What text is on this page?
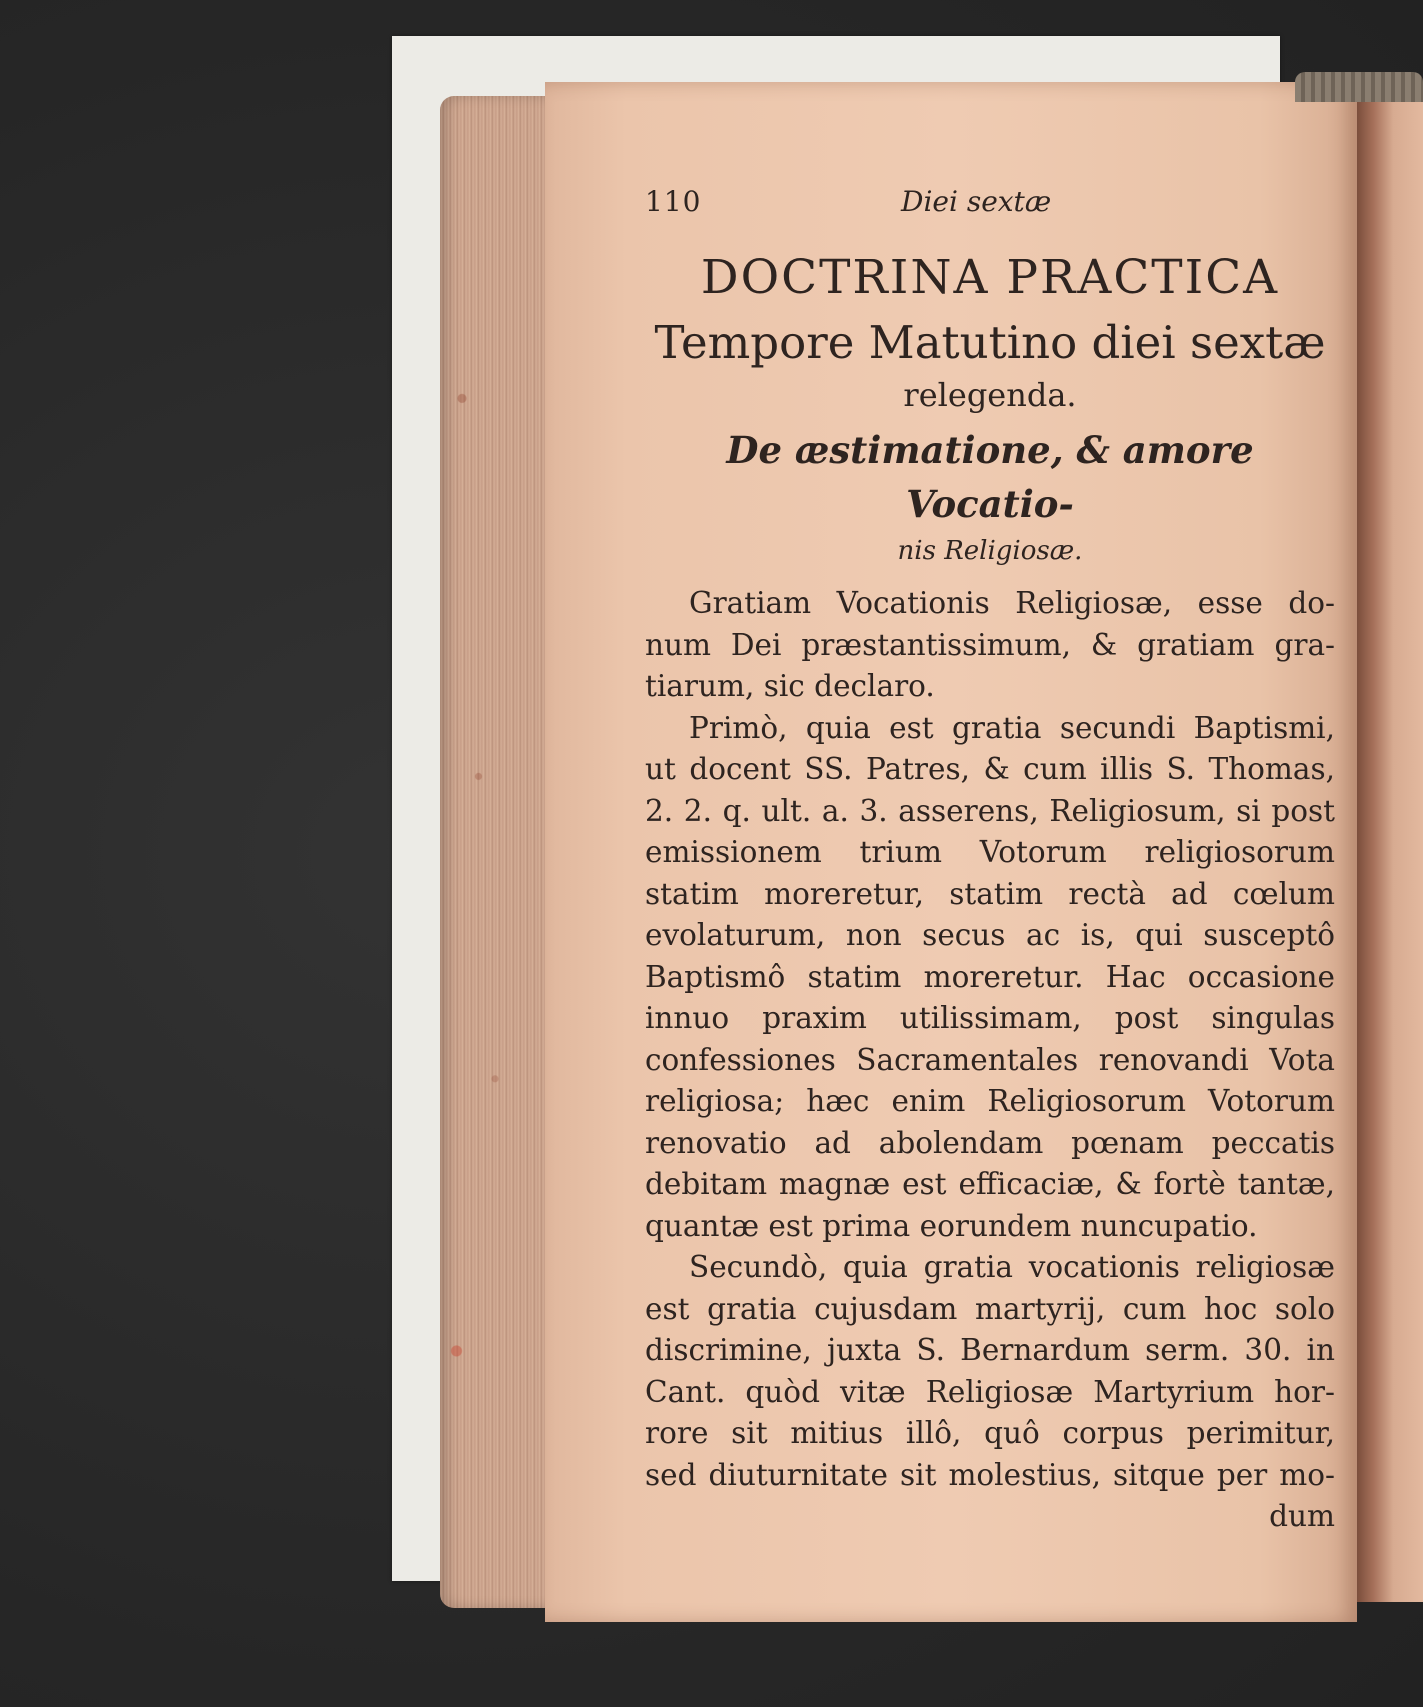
110	Diei sextæ
DOCTRINA PRACTICA
Tempore Matutino diei sextæ
relegenda.
De æstimatione, & amore Vocatio-
nis Religiosæ.
Gratiam Vocationis Religiosæ, esse do-
num Dei præstantissimum, & gratiam gra-
tiarum, sic declaro.
Primò, quia est gratia secundi Baptismi,
ut docent SS. Patres, & cum illis S. Thomas,
2. 2. q. ult. a. 3. asserens, Religiosum, si post
emissionem trium Votorum religiosorum
statim moreretur, statim rectà ad cœlum
evolaturum, non secus ac is, qui susceptô
Baptismô statim moreretur. Hac occasione
innuo praxim utilissimam, post singulas
confessiones Sacramentales renovandi Vota
religiosa; hæc enim Religiosorum Votorum
renovatio ad abolendam pœnam peccatis
debitam magnæ est efficaciæ, & fortè tantæ,
quantæ est prima eorundem nuncupatio.
Secundò, quia gratia vocationis religiosæ
est gratia cujusdam martyrij, cum hoc solo
discrimine, juxta S. Bernardum serm. 30. in
Cant. quòd vitæ Religiosæ Martyrium hor-
rore sit mitius illô, quô corpus perimitur,
sed diuturnitate sit molestius, sitque per mo-
dum
